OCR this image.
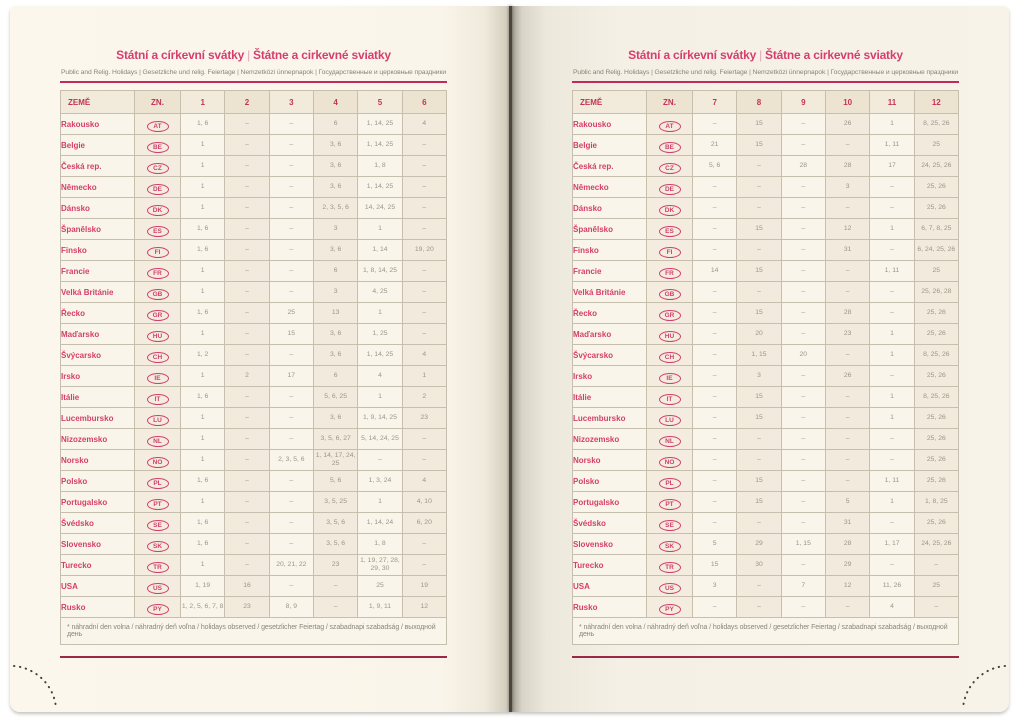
Státní a církevní svátky | Štátne a cirkevné sviatky
Public and Relig. Holidays | Gesetzliche und relig. Feiertage | Nemzetközi ünnepnapok | Государственные и церковные праздники
ZEMĚ	ZN.	1	2	3	4	5	6
Rakousko	AT	1, 6	–	–	6	1, 14, 25	4
Belgie	BE	1	–	–	3, 6	1, 14, 25	–
Česká rep.	CZ	1	–	–	3, 6	1, 8	–
Německo	DE	1	–	–	3, 6	1, 14, 25	–
Dánsko	DK	1	–	–	2, 3, 5, 6	14, 24, 25	–
Španělsko	ES	1, 6	–	–	3	1	–
Finsko	FI	1, 6	–	–	3, 6	1, 14	19, 20
Francie	FR	1	–	–	6	1, 8, 14, 25	–
Velká Británie	GB	1	–	–	3	4, 25	–
Řecko	GR	1, 6	–	25	13	1	–
Maďarsko	HU	1	–	15	3, 6	1, 25	–
Švýcarsko	CH	1, 2	–	–	3, 6	1, 14, 25	4
Irsko	IE	1	2	17	6	4	1
Itálie	IT	1, 6	–	–	5, 6, 25	1	2
Lucembursko	LU	1	–	–	3, 6	1, 9, 14, 25	23
Nizozemsko	NL	1	–	–	3, 5, 6, 27	5, 14, 24, 25	–
Norsko	NO	1	–	2, 3, 5, 6	1, 14, 17, 24, 25	–	–
Polsko	PL	1, 6	–	–	5, 6	1, 3, 24	4
Portugalsko	PT	1	–	–	3, 5, 25	1	4, 10
Švédsko	SE	1, 6	–	–	3, 5, 6	1, 14, 24	6, 20
Slovensko	SK	1, 6	–	–	3, 5, 6	1, 8	–
Turecko	TR	1	–	20, 21, 22	23	1, 19, 27, 28, 29, 30	–
USA	US	1, 19	16	–	–	25	19
Rusko	PY	1, 2, 5, 6, 7, 8	23	8, 9	–	1, 9, 11	12
* náhradní den volna / náhradný deň voľna / holidays observed / gesetzlicher Feiertag / szabadnapi szabadság / выходной день							
Státní a církevní svátky | Štátne a cirkevné sviatky
Public and Relig. Holidays | Gesetzliche und relig. Feiertage | Nemzetközi ünnepnapok | Государственные и церковные праздники
ZEMĚ	ZN.	7	8	9	10	11	12
Rakousko	AT	–	15	–	26	1	8, 25, 26
Belgie	BE	21	15	–	–	1, 11	25
Česká rep.	CZ	5, 6	–	28	28	17	24, 25, 26
Německo	DE	–	–	–	3	–	25, 26
Dánsko	DK	–	–	–	–	–	25, 26
Španělsko	ES	–	15	–	12	1	6, 7, 8, 25
Finsko	FI	–	–	–	31	–	6, 24, 25, 26
Francie	FR	14	15	–	–	1, 11	25
Velká Británie	GB	–	–	–	–	–	25, 26, 28
Řecko	GR	–	15	–	28	–	25, 26
Maďarsko	HU	–	20	–	23	1	25, 26
Švýcarsko	CH	–	1, 15	20	–	1	8, 25, 26
Irsko	IE	–	3	–	26	–	25, 26
Itálie	IT	–	15	–	–	1	8, 25, 26
Lucembursko	LU	–	15	–	–	1	25, 26
Nizozemsko	NL	–	–	–	–	–	25, 26
Norsko	NO	–	–	–	–	–	25, 26
Polsko	PL	–	15	–	–	1, 11	25, 26
Portugalsko	PT	–	15	–	5	1	1, 8, 25
Švédsko	SE	–	–	–	31	–	25, 26
Slovensko	SK	5	29	1, 15	28	1, 17	24, 25, 26
Turecko	TR	15	30	–	29	–	–
USA	US	3	–	7	12	11, 26	25
Rusko	PY	–	–	–	–	4	–
* náhradní den volna / náhradný deň voľna / holidays observed / gesetzlicher Feiertag / szabadnapi szabadság / выходной день							
